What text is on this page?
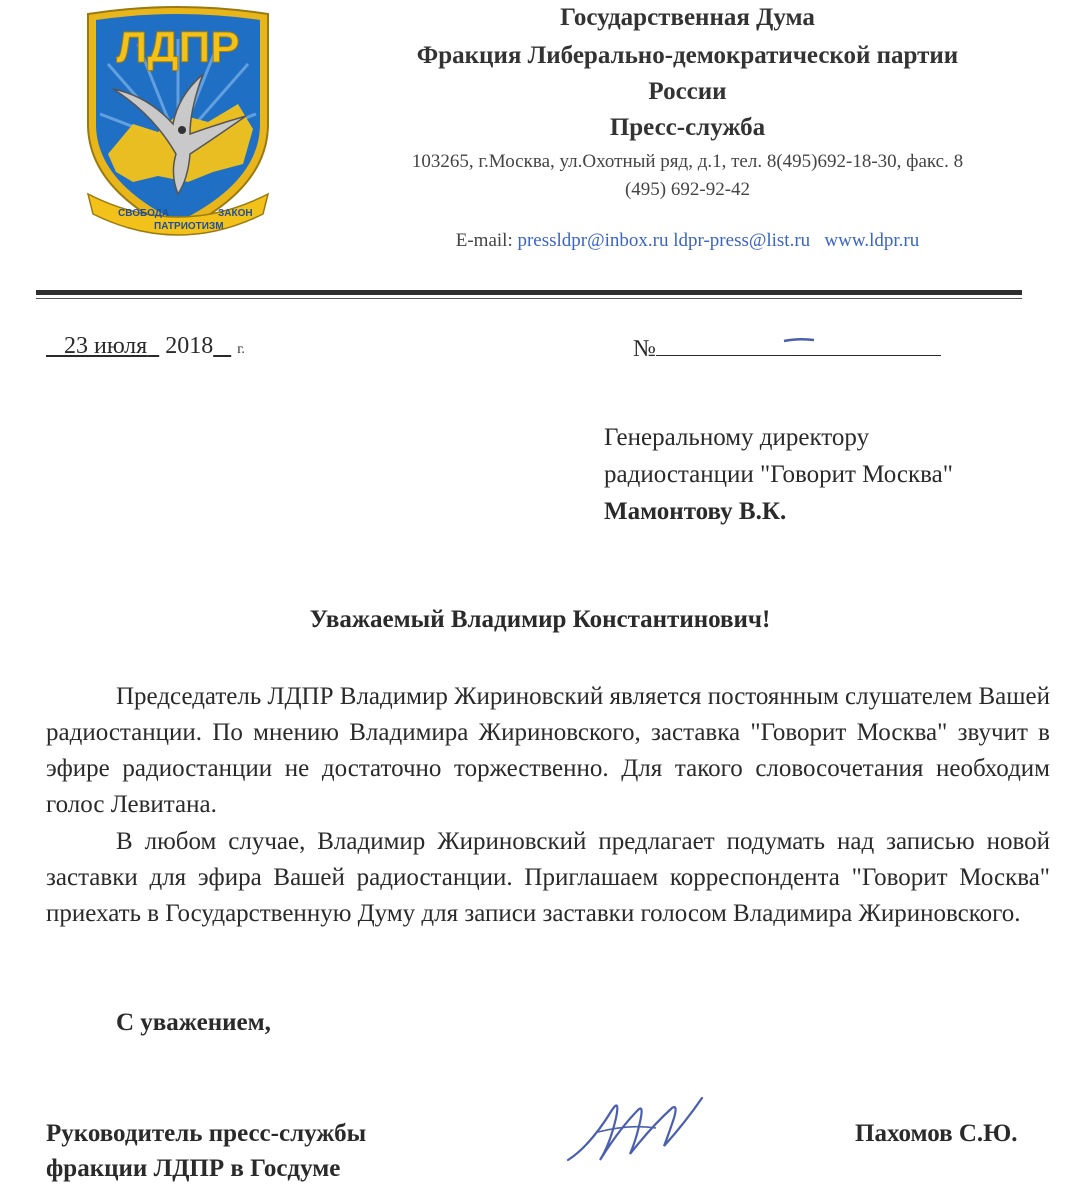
ЛДПР
СВОБОДА
ПАТРИОТИЗМ
ЗАКОН
Государственная Дума
Фракция Либерально-демократической партии
России
Пресс-служба
103265, г.Москва, ул.Охотный ряд, д.1, тел. 8(495)692-18-30, факс. 8
(495) 692-92-42
E-mail: pressldpr@inbox.ru ldpr-press@list.ru www.ldpr.ru
23 июля 2018 г.	№
Генеральному директору
радиостанции "Говорит Москва"
Мамонтову В.К.
Уважаемый Владимир Константинович!

Председатель ЛДПР Владимир Жириновский является постоянным слушателем Вашей радиостанции. По мнению Владимира Жириновского, заставка "Говорит Москва" звучит в эфире радиостанции не достаточно торжественно. Для такого словосочетания необходим голос Левитана.

В любом случае, Владимир Жириновский предлагает подумать над записью новой заставки для эфира Вашей радиостанции. Приглашаем корреспондента "Говорит Москва" приехать в Государственную Думу для записи заставки голосом Владимира Жириновского.

С уважением,
Руководитель пресс-службы
фракции ЛДПР в Госдуме
Пахомов С.Ю.
